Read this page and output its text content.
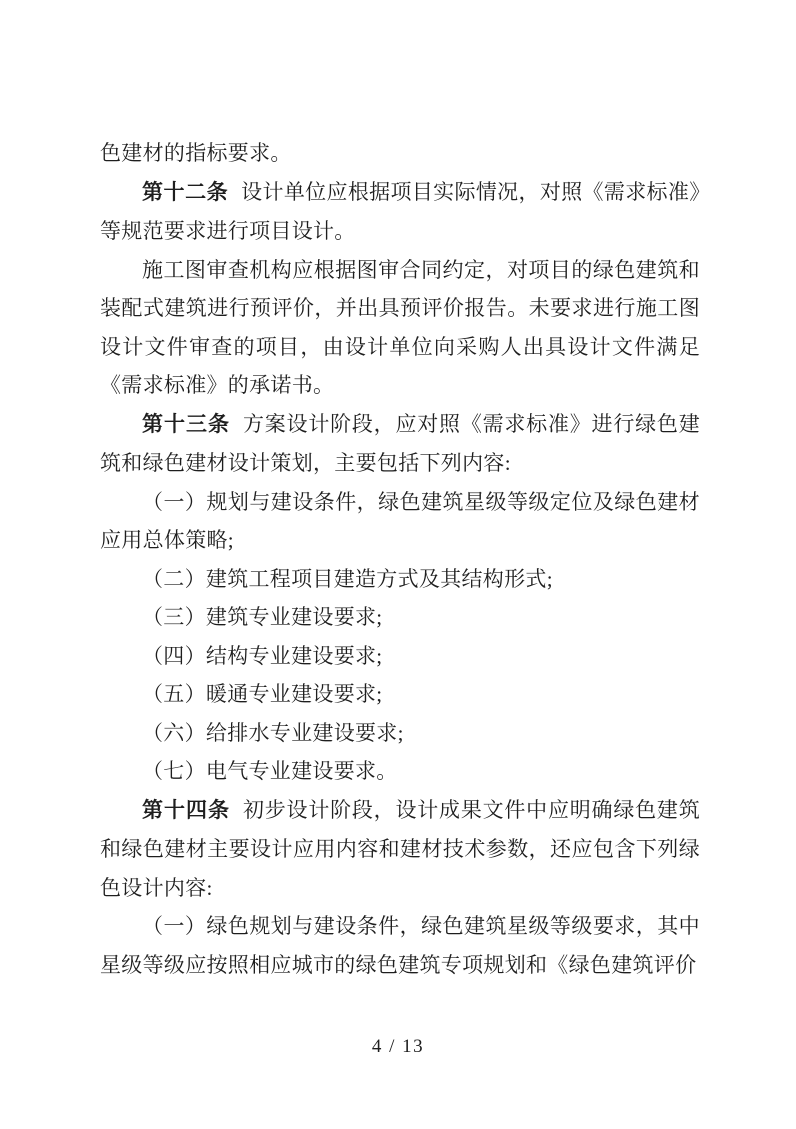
色建材的指标要求。

第十二条 设计单位应根据项目实际情况，对照《需求标准》等规范要求进行项目设计。

施工图审查机构应根据图审合同约定，对项目的绿色建筑和装配式建筑进行预评价，并出具预评价报告。未要求进行施工图设计文件审查的项目，由设计单位向采购人出具设计文件满足《需求标准》的承诺书。

第十三条 方案设计阶段，应对照《需求标准》进行绿色建筑和绿色建材设计策划，主要包括下列内容:

（一）规划与建设条件，绿色建筑星级等级定位及绿色建材应用总体策略;

（二）建筑工程项目建造方式及其结构形式;

（三）建筑专业建设要求;

（四）结构专业建设要求;

（五）暖通专业建设要求;

（六）给排水专业建设要求;

（七）电气专业建设要求。

第十四条 初步设计阶段，设计成果文件中应明确绿色建筑和绿色建材主要设计应用内容和建材技术参数，还应包含下列绿色设计内容:

（一）绿色规划与建设条件，绿色建筑星级等级要求，其中星级等级应按照相应城市的绿色建筑专项规划和《绿色建筑评价

4 / 13
